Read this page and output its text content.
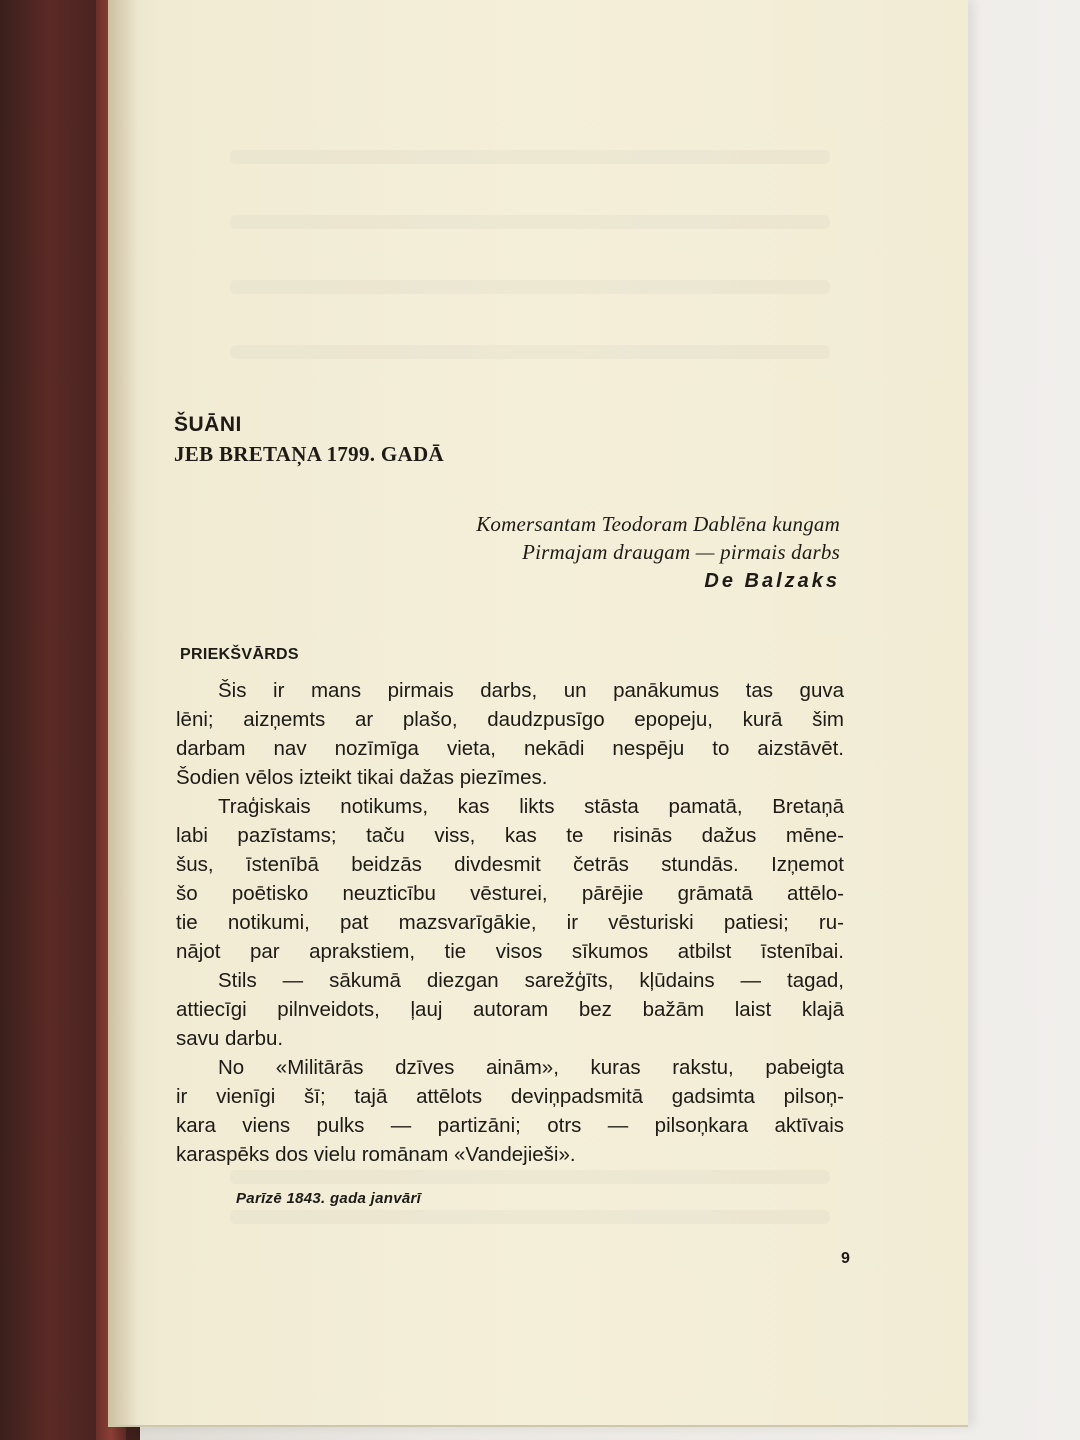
ŠUĀNI
JEB BRETAŅA 1799. GADĀ
Komersantam Teodoram Dablēna kungam
Pirmajam draugam — pirmais darbs
De Balzaks
PRIEKŠVĀRDS
Šis ir mans pirmais darbs, un panākumus tas guva
lēni; aizņemts ar plašo, daudzpusīgo epopeju, kurā šim
darbam nav nozīmīga vieta, nekādi nespēju to aizstāvēt.
Šodien vēlos izteikt tikai dažas piezīmes.
Traģiskais notikums, kas likts stāsta pamatā, Bretaņā
labi pazīstams; taču viss, kas te risinās dažus mēne-
šus, īstenībā beidzās divdesmit četrās stundās. Izņemot
šo poētisko neuzticību vēsturei, pārējie grāmatā attēlo-
tie notikumi, pat mazsvarīgākie, ir vēsturiski patiesi; ru-
nājot par aprakstiem, tie visos sīkumos atbilst īstenībai.
Stils — sākumā diezgan sarežģīts, kļūdains — tagad,
attiecīgi pilnveidots, ļauj autoram bez bažām laist klajā
savu darbu.
No «Militārās dzīves ainām», kuras rakstu, pabeigta
ir vienīgi šī; tajā attēlots deviņpadsmitā gadsimta pilsoņ-
kara viens pulks — partizāni; otrs — pilsoņkara aktīvais
karaspēks dos vielu romānam «Vandejieši».
Parīzē 1843. gada janvārī
9
